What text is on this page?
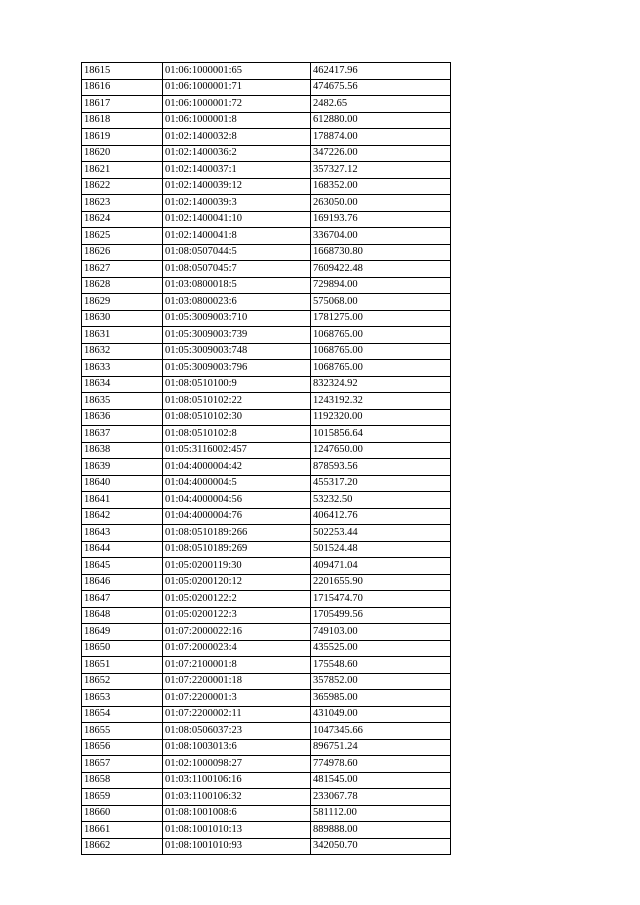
18615	01:06:1000001:65	462417.96
18616	01:06:1000001:71	474675.56
18617	01:06:1000001:72	2482.65
18618	01:06:1000001:8	612880.00
18619	01:02:1400032:8	178874.00
18620	01:02:1400036:2	347226.00
18621	01:02:1400037:1	357327.12
18622	01:02:1400039:12	168352.00
18623	01:02:1400039:3	263050.00
18624	01:02:1400041:10	169193.76
18625	01:02:1400041:8	336704.00
18626	01:08:0507044:5	1668730.80
18627	01:08:0507045:7	7609422.48
18628	01:03:0800018:5	729894.00
18629	01:03:0800023:6	575068.00
18630	01:05:3009003:710	1781275.00
18631	01:05:3009003:739	1068765.00
18632	01:05:3009003:748	1068765.00
18633	01:05:3009003:796	1068765.00
18634	01:08:0510100:9	832324.92
18635	01:08:0510102:22	1243192.32
18636	01:08:0510102:30	1192320.00
18637	01:08:0510102:8	1015856.64
18638	01:05:3116002:457	1247650.00
18639	01:04:4000004:42	878593.56
18640	01:04:4000004:5	455317.20
18641	01:04:4000004:56	53232.50
18642	01:04:4000004:76	406412.76
18643	01:08:0510189:266	502253.44
18644	01:08:0510189:269	501524.48
18645	01:05:0200119:30	409471.04
18646	01:05:0200120:12	2201655.90
18647	01:05:0200122:2	1715474.70
18648	01:05:0200122:3	1705499.56
18649	01:07:2000022:16	749103.00
18650	01:07:2000023:4	435525.00
18651	01:07:2100001:8	175548.60
18652	01:07:2200001:18	357852.00
18653	01:07:2200001:3	365985.00
18654	01:07:2200002:11	431049.00
18655	01:08:0506037:23	1047345.66
18656	01:08:1003013:6	896751.24
18657	01:02:1000098:27	774978.60
18658	01:03:1100106:16	481545.00
18659	01:03:1100106:32	233067.78
18660	01:08:1001008:6	581112.00
18661	01:08:1001010:13	889888.00
18662	01:08:1001010:93	342050.70
